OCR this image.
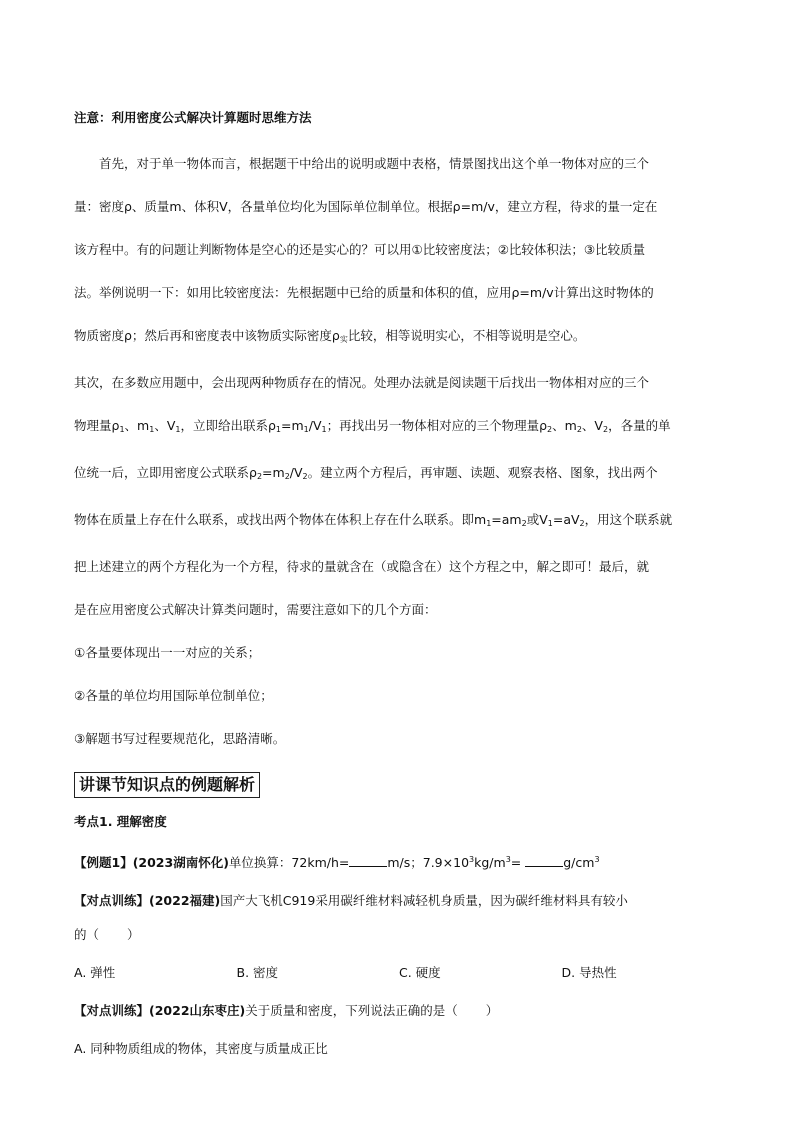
注意：利用密度公式解决计算题时思维方法

首先，对于单一物体而言，根据题干中给出的说明或题中表格，情景图找出这个单一物体对应的三个
量：密度ρ、质量m、体积V，各量单位均化为国际单位制单位。根据ρ=m/v，建立方程，待求的量一定在
该方程中。有的问题让判断物体是空心的还是实心的？可以用①比较密度法；②比较体积法；③比较质量
法。举例说明一下：如用比较密度法：先根据题中已给的质量和体积的值，应用ρ=m/v计算出这时物体的
物质密度ρ；然后再和密度表中该物质实际密度$\rho_实$比较，相等说明实心，不相等说明是空心。
其次，在多数应用题中，会出现两种物质存在的情况。处理办法就是阅读题干后找出一物体相对应的三个
物理量$\rho_1$、$m_1$、$V_1$，立即给出联系$\rho_1=m_1/V_1$；再找出另一物体相对应的三个物理量$\rho_2$、$m_2$、$V_2$，各量的单
位统一后，立即用密度公式联系$\rho_2=m_2/V_2$。建立两个方程后，再审题、读题、观察表格、图象，找出两个
物体在质量上存在什么联系，或找出两个物体在体积上存在什么联系。即$m_1=am_2$或$V_1=aV_2$，用这个联系就
把上述建立的两个方程化为一个方程，待求的量就含在（或隐含在）这个方程之中，解之即可！最后，就
是在应用密度公式解决计算类问题时，需要注意如下的几个方面：

①各量要体现出一一对应的关系；

②各量的单位均用国际单位制单位；

③解题书写过程要规范化，思路清晰。

讲课节知识点的例题解析

考点1. 理解密度

【例题1】(2023湖南怀化)单位换算：72km/h=	m/s；$7.9\times 10^3kg/m^3=$	$g/cm^3$

【对点训练】(2022福建)国产大飞机C919采用碳纤维材料减轻机身质量，因为碳纤维材料具有较小

的（ ）

A. 弹性	B. 密度	C. 硬度	D. 导热性

【对点训练】(2022山东枣庄)关于质量和密度，下列说法正确的是（ ）

A. 同种物质组成的物体，其密度与质量成正比
